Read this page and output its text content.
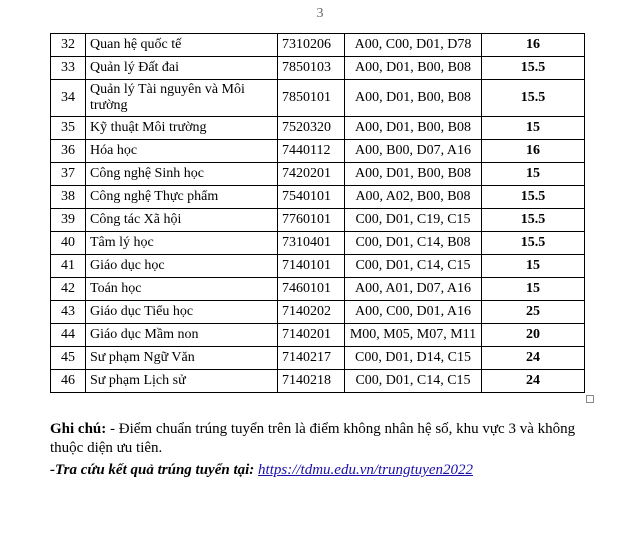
3
32	Quan hệ quốc tế	7310206	A00, C00, D01, D78	16
33	Quản lý Đất đai	7850103	A00, D01, B00, B08	15.5
34	Quản lý Tài nguyên và Môi trường	7850101	A00, D01, B00, B08	15.5
35	Kỹ thuật Môi trường	7520320	A00, D01, B00, B08	15
36	Hóa học	7440112	A00, B00, D07, A16	16
37	Công nghệ Sinh học	7420201	A00, D01, B00, B08	15
38	Công nghệ Thực phẩm	7540101	A00, A02, B00, B08	15.5
39	Công tác Xã hội	7760101	C00, D01, C19, C15	15.5
40	Tâm lý học	7310401	C00, D01, C14, B08	15.5
41	Giáo dục học	7140101	C00, D01, C14, C15	15
42	Toán học	7460101	A00, A01, D07, A16	15
43	Giáo dục Tiểu học	7140202	A00, C00, D01, A16	25
44	Giáo dục Mầm non	7140201	M00, M05, M07, M11	20
45	Sư phạm Ngữ Văn	7140217	C00, D01, D14, C15	24
46	Sư phạm Lịch sử	7140218	C00, D01, C14, C15	24

Ghi chú: - Điểm chuẩn trúng tuyển trên là điểm không nhân hệ số, khu vực 3 và không thuộc diện ưu tiên.

-Tra cứu kết quả trúng tuyển tại: https://tdmu.edu.vn/trungtuyen2022
